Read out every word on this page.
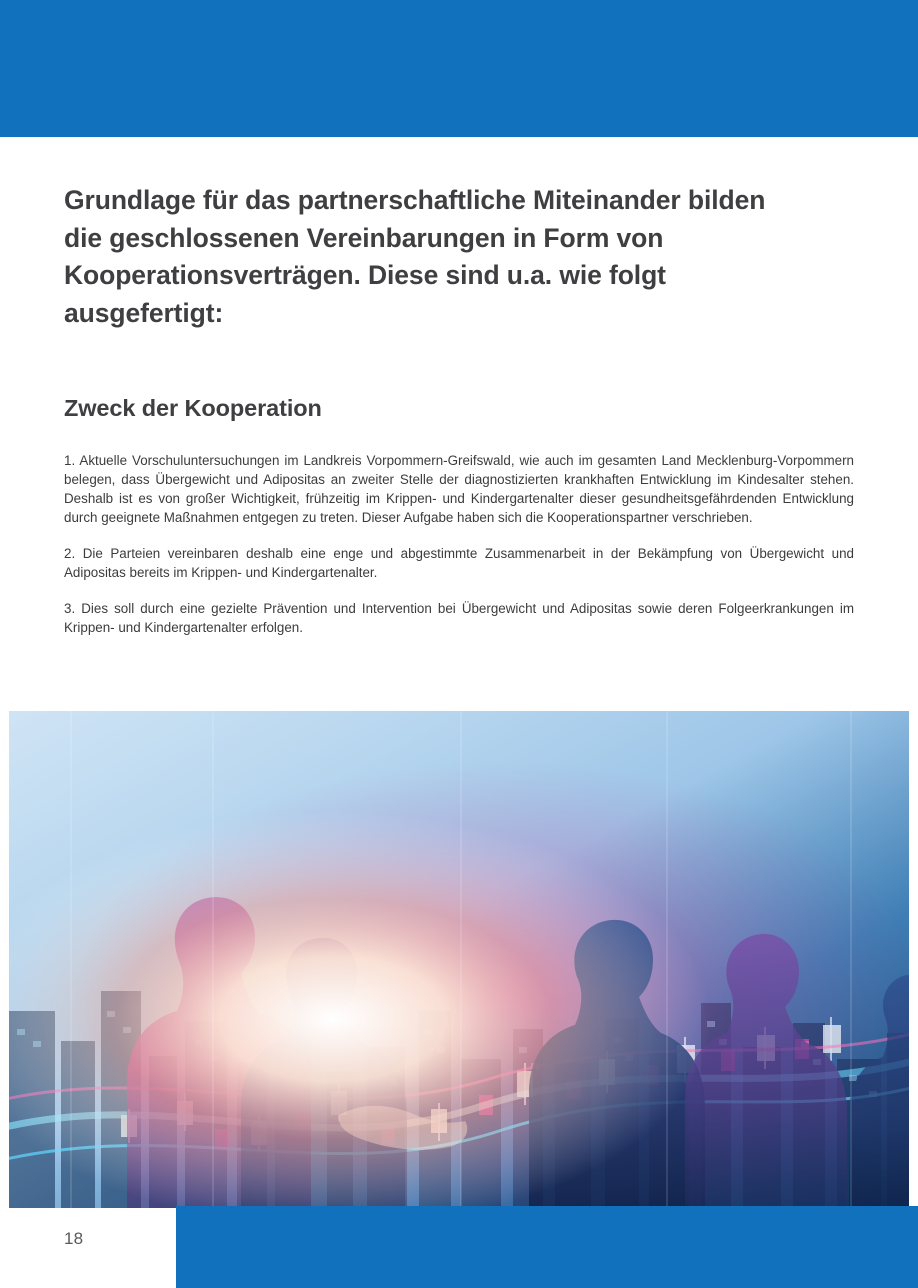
Grundlage für das partnerschaftliche Miteinander bilden die geschlossenen Vereinbarungen in Form von Kooperationsverträgen. Diese sind u.a. wie folgt ausgefertigt:
Zweck der Kooperation

1. Aktuelle Vorschuluntersuchungen im Landkreis Vorpommern-Greifswald, wie auch im gesamten Land Mecklenburg-Vorpommern belegen, dass Übergewicht und Adipositas an zweiter Stelle der diagnostizierten krankhaften Entwicklung im Kindesalter stehen. Deshalb ist es von großer Wichtigkeit, frühzeitig im Krippen- und Kindergartenalter dieser gesundheitsgefährdenden Entwicklung durch geeignete Maßnahmen entgegen zu treten. Dieser Aufgabe haben sich die Kooperationspartner verschrieben.

2. Die Parteien vereinbaren deshalb eine enge und abgestimmte Zusammenarbeit in der Bekämpfung von Übergewicht und Adipositas bereits im Krippen- und Kindergartenalter.

3. Dies soll durch eine gezielte Prävention und Intervention bei Übergewicht und Adipositas sowie deren Folgeerkrankungen im Krippen- und Kindergartenalter erfolgen.

18
